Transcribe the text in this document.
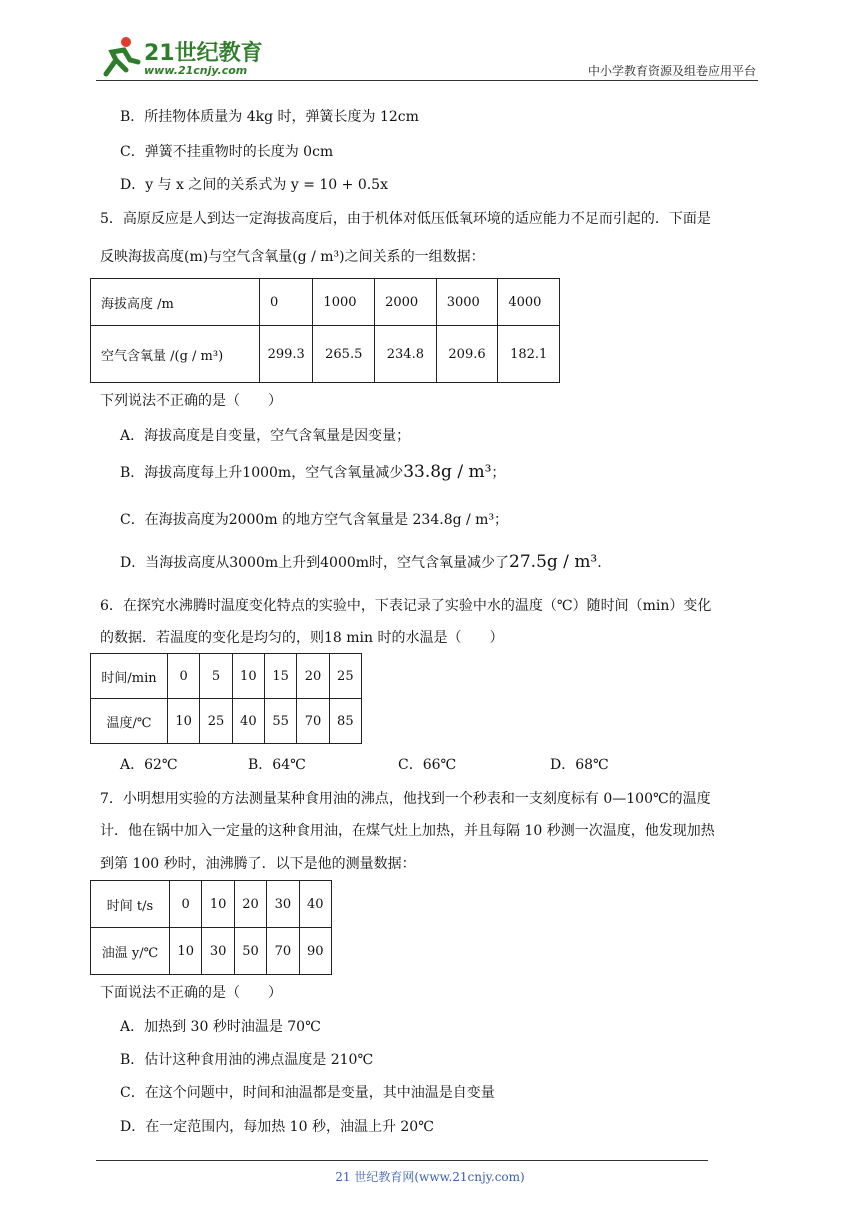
21世纪教育
www.21cnjy.com	中小学教育资源及组卷应用平台
B．所挂物体质量为 4kg 时，弹簧长度为 12cm
C．弹簧不挂重物时的长度为 0cm
D．y 与 x 之间的关系式为 y = 10 + 0.5x
5．高原反应是人到达一定海拔高度后，由于机体对低压低氧环境的适应能力不足而引起的．下面是
反映海拔高度(m)与空气含氧量(g / m³)之间关系的一组数据：
海拔高度 /m	0	1000	2000	3000	4000
空气含氧量 /(g / m³)	299.3	265.5	234.8	209.6	182.1
下列说法不正确的是（　　）
A．海拔高度是自变量，空气含氧量是因变量；
B．海拔高度每上升1000m，空气含氧量减少33.8g / m³；
C．在海拔高度为2000m 的地方空气含氧量是 234.8g / m³；
D．当海拔高度从3000m上升到4000m时，空气含氧量减少了27.5g / m³.
6．在探究水沸腾时温度变化特点的实验中，下表记录了实验中水的温度（℃）随时间（min）变化
的数据．若温度的变化是均匀的，则18 min 时的水温是（　　）
时间/min	0	5	10	15	20	25
温度/℃	10	25	40	55	70	85
A．62℃	B．64℃	C．66℃	D．68℃
7．小明想用实验的方法测量某种食用油的沸点，他找到一个秒表和一支刻度标有 0—100℃的温度
计．他在锅中加入一定量的这种食用油，在煤气灶上加热，并且每隔 10 秒测一次温度，他发现加热
到第 100 秒时，油沸腾了．以下是他的测量数据：
时间 t/s	0	10	20	30	40
油温 y/℃	10	30	50	70	90
下面说法不正确的是（　　）
A．加热到 30 秒时油温是 70℃
B．估计这种食用油的沸点温度是 210℃
C．在这个问题中，时间和油温都是变量，其中油温是自变量
D．在一定范围内，每加热 10 秒，油温上升 20℃
21 世纪教育网(www.21cnjy.com)
